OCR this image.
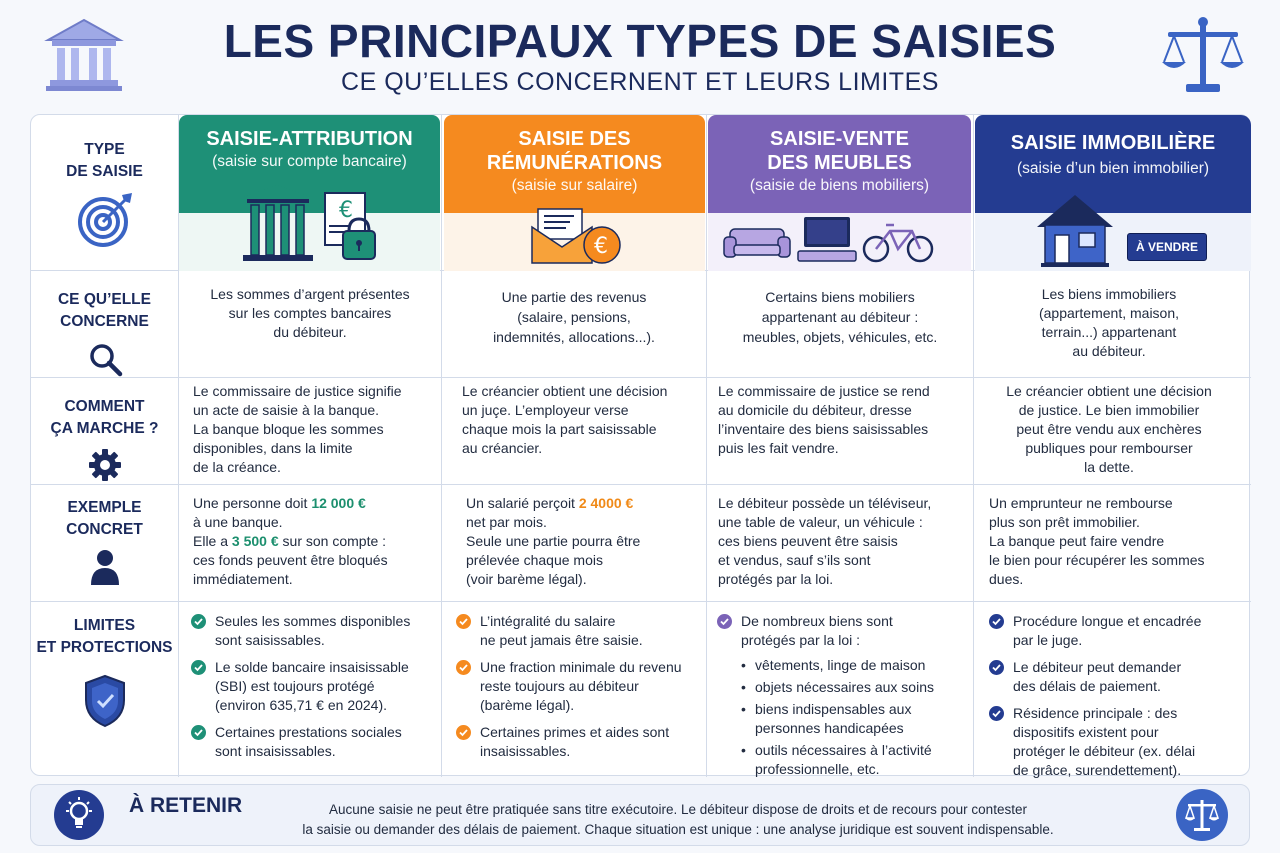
LES PRINCIPAUX TYPES DE SAISIES
CE QU’ELLES CONCERNENT ET LEURS LIMITES
TYPE
DE SAISIE
CE QU’ELLE
CONCERNE
COMMENT
ÇA MARCHE ?
EXEMPLE
CONCRET
LIMITES
ET PROTECTIONS
SAISIE-ATTRIBUTION
(saisie sur compte bancaire)
€
SAISIE DES
RÉMUNÉRATIONS
(saisie sur salaire)
€
SAISIE-VENTE
DES MEUBLES
(saisie de biens mobiliers)
SAISIE IMMOBILIÈRE
(saisie d’un bien immobilier)
À VENDRE
Les sommes d’argent présentes
sur les comptes bancaires
du débiteur.
Une partie des revenus
(salaire, pensions,
indemnités, allocations...).
Certains biens mobiliers
appartenant au débiteur :
meubles, objets, véhicules, etc.
Les biens immobiliers
(appartement, maison,
terrain...) appartenant
au débiteur.
Le commissaire de justice signifie
un acte de saisie à la banque.
La banque bloque les sommes
disponibles, dans la limite
de la créance.
Le créancier obtient une décision
un juçe. L’employeur verse
chaque mois la part saisissable
au créancier.
Le commissaire de justice se rend
au domicile du débiteur, dresse
l’inventaire des biens saisissables
puis les fait vendre.
Le créancier obtient une décision
de justice. Le bien immobilier
peut être vendu aux enchères
publiques pour rembourser
la dette.
Une personne doit 12 000 €
à une banque.
Elle a 3 500 € sur son compte :
ces fonds peuvent être bloqués
immédiatement.
Un salarié perçoit 2 4000 €
net par mois.
Seule une partie pourra être
prélevée chaque mois
(voir barème légal).
Le débiteur possède un téléviseur,
une table de valeur, un véhicule :
ces biens peuvent être saisis
et vendus, sauf s’ils sont
protégés par la loi.
Un emprunteur ne rembourse
plus son prêt immobilier.
La banque peut faire vendre
le bien pour récupérer les sommes
dues.
Seules les sommes disponibles
sont saisissables.
Le solde bancaire insaisissable
(SBI) est toujours protégé
(environ 635,71 € en 2024).
Certaines prestations sociales
sont insaisissables.
L’intégralité du salaire
ne peut jamais être saisie.
Une fraction minimale du revenu
reste toujours au débiteur
(barème légal).
Certaines primes et aides sont
insaisissables.
De nombreux biens sont
protégés par la loi :
• vêtements, linge de maison
• objets nécessaires aux soins
• biens indispensables aux
personnes handicapées
• outils nécessaires à l’activité
professionnelle, etc.
Procédure longue et encadrée
par le juge.
Le débiteur peut demander
des délais de paiement.
Résidence principale : des
dispositifs existent pour
protéger le débiteur (ex. délai
de grâce, surendettement).
À RETENIR	Aucune saisie ne peut être pratiquée sans titre exécutoire. Le débiteur dispose de droits et de recours pour contester
la saisie ou demander des délais de paiement. Chaque situation est unique : une analyse juridique est souvent indispensable.
